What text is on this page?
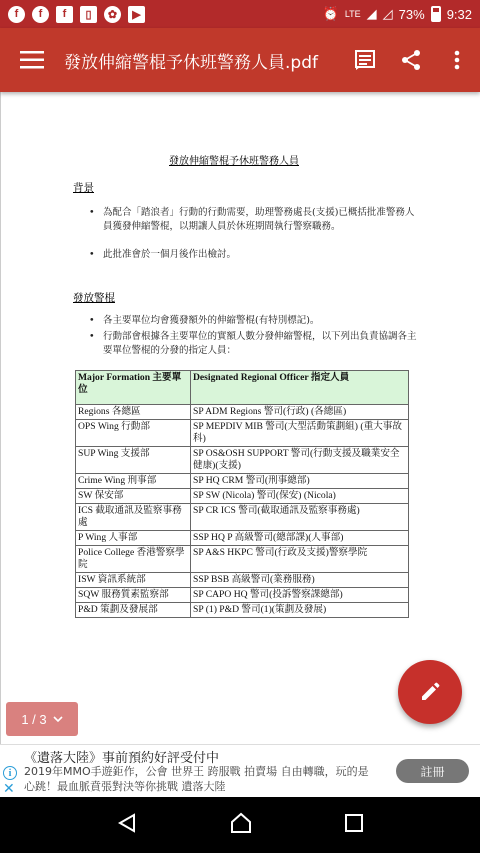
f	f	f	▯	✿	▶	⏰ LTE ◢ ◿ 73% 9:32
發放伸縮警棍予休班警務人員.pdf
發放伸縮警棍予休班警務人員
背景
• 為配合「踏浪者」行動的行動需要，助理警務處長(支援)已概括批准警務人員獲發伸縮警棍，以期讓人員於休班期間執行警察職務。
• 此批准會於一個月後作出檢討。
發放警棍
• 各主要單位均會獲發額外的伸縮警棍(有特別標記)。
• 行動部會根據各主要單位的實額人數分發伸縮警棍，以下列出負責協調各主要單位警棍的分發的指定人員：
Major Formation 主要單位	Designated Regional Officer 指定人員
Regions 各總區	SP ADM Regions 警司(行政) (各總區)
OPS Wing 行動部	SP MEPDIV MIB 警司(大型活動策劃組) (重大事故科)
SUP Wing 支援部	SP OS&OSH SUPPORT 警司(行動支援及職業安全健康)(支援)
Crime Wing 刑事部	SP HQ CRM 警司(刑事總部)
SW 保安部	SP SW (Nicola) 警司(保安) (Nicola)
ICS 截取通訊及監察事務處	SP CR ICS 警司(截取通訊及監察事務處)
P Wing 人事部	SSP HQ P 高級警司(總部課)(人事部)
Police College 香港警察學院	SP A&S HKPC 警司(行政及支援)警察學院
ISW 資訊系統部	SSP BSB 高級警司(業務服務)
SQW 服務質素監察部	SP CAPO HQ 警司(投訴警察課總部)
P&D 策劃及發展部	SP (1) P&D 警司(1)(策劃及發展)
1 / 3
i
✕
《遺落大陸》事前預約好評受付中
2019年MMO手遊鉅作，公會 世界王 跨服戰 拍賣場 自由轉職，玩的是心跳！最血脈賁張對決等你挑戰 遺落大陸
註冊
